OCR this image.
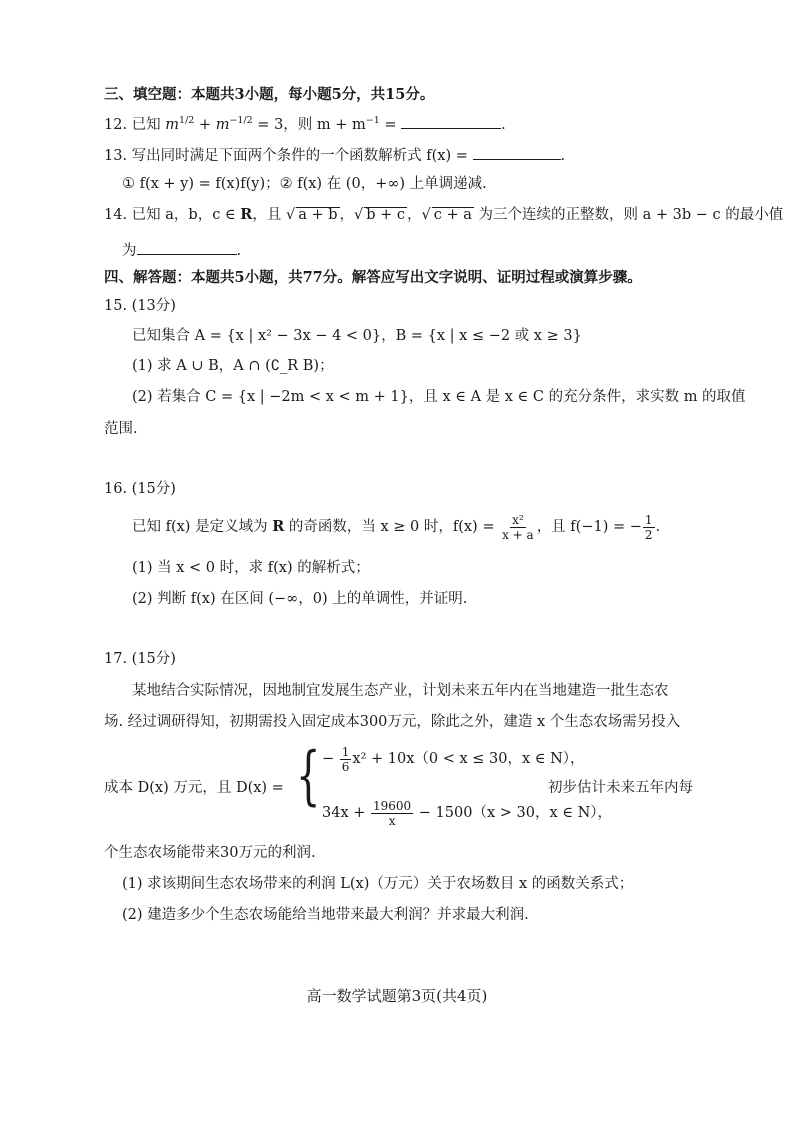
三、填空题：本题共3小题，每小题5分，共15分。
12. 已知 $m^{1/2} + m^{-1/2} = 3$，则 $m + m^{-1}$ =	.
13. 写出同时满足下面两个条件的一个函数解析式 f(x) =	.
① f(x + y) = f(x)f(y)；② f(x) 在 (0，+∞) 上单调递减.
14. 已知 a，b，c ∈ R，且 √ a + b ，√ b + c ，√ c + a 为三个连续的正整数，则 a + 3b − c 的最小值
为	.
四、解答题：本题共5小题，共77分。解答应写出文字说明、证明过程或演算步骤。
15. (13分)
已知集合 A = {x | x² − 3x − 4 < 0}，B = {x | x ≤ −2 或 x ≥ 3}
(1) 求 A ∪ B，A ∩ (∁_R B)；
(2) 若集合 C = {x | −2m < x < m + 1}，且 x ∈ A 是 x ∈ C 的充分条件，求实数 m 的取值
范围.
16. (15分)
已知 f(x) 是定义域为 R 的奇函数，当 x ≥ 0 时，$f(x) = \frac{\text{x²}}{x + a}$ ，且 f(−1) = − $\frac{1}{2}$ .
(1) 当 x < 0 时，求 f(x) 的解析式；
(2) 判断 f(x) 在区间 (−∞，0) 上的单调性，并证明.
17. (15分)
某地结合实际情况，因地制宜发展生态产业，计划未来五年内在当地建造一批生态农
场. 经过调研得知，初期需投入固定成本300万元，除此之外，建造 x 个生态农场需另投入
成本 D(x) 万元，且 D(x) = { − $\frac{1}{6} x^2 + 10x(0 < x \le 30$，x ∈ N），
$34x + \frac{19600}{x} - 1500(x > 30$，x ∈ N），
初步估计未来五年内每
个生态农场能带来30万元的利润.
(1) 求该期间生态农场带来的利润 L(x)（万元）关于农场数目 x 的函数关系式；
(2) 建造多少个生态农场能给当地带来最大利润？并求最大利润.
高一数学试题第3页(共4页)
